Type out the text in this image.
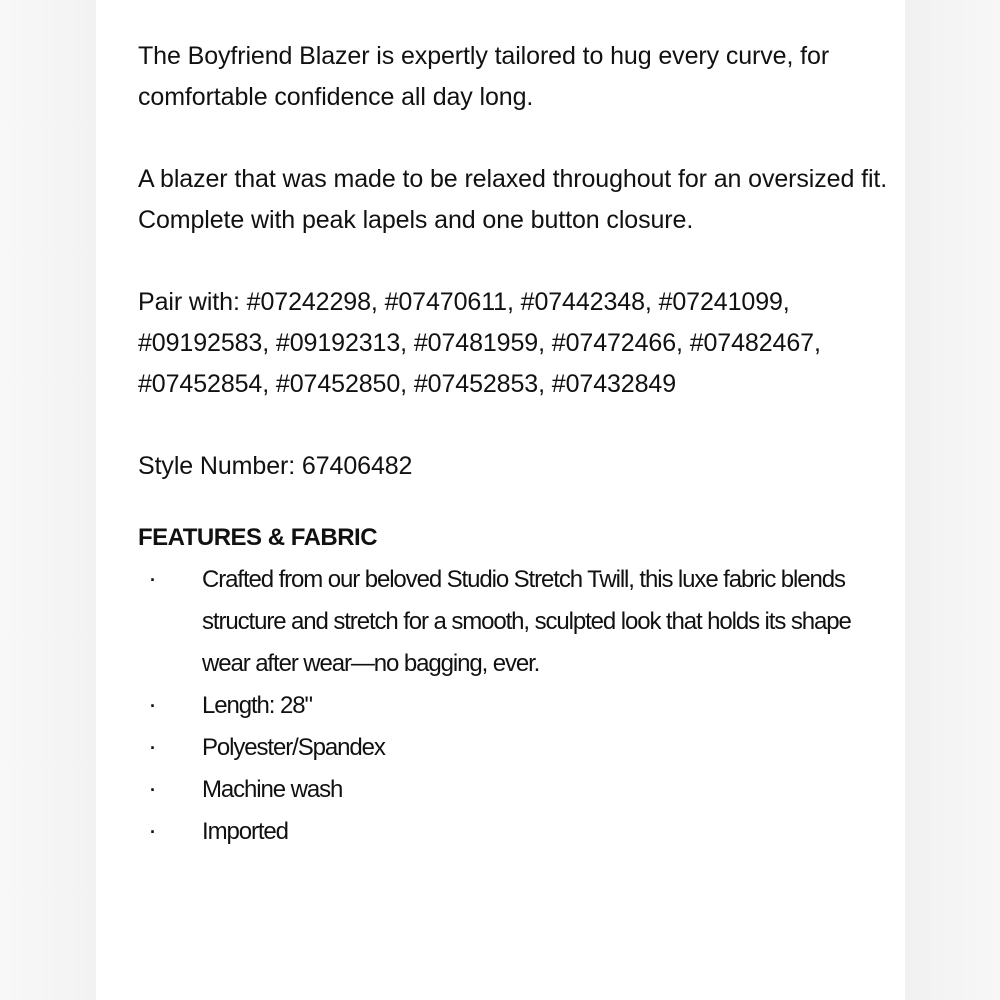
The Boyfriend Blazer is expertly tailored to hug every curve, for comfortable confidence all day long.

A blazer that was made to be relaxed throughout for an oversized fit. Complete with peak lapels and one button closure.

Pair with: #07242298, #07470611, #07442348, #07241099, #09192583, #09192313, #07481959, #07472466, #07482467, #07452854, #07452850, #07452853, #07432849

Style Number: 67406482

FEATURES & FABRIC
· Crafted from our beloved Studio Stretch Twill, this luxe fabric blends structure and stretch for a smooth, sculpted look that holds its shape wear after wear—no bagging, ever.
· Length: 28"
· Polyester/Spandex
· Machine wash
· Imported
